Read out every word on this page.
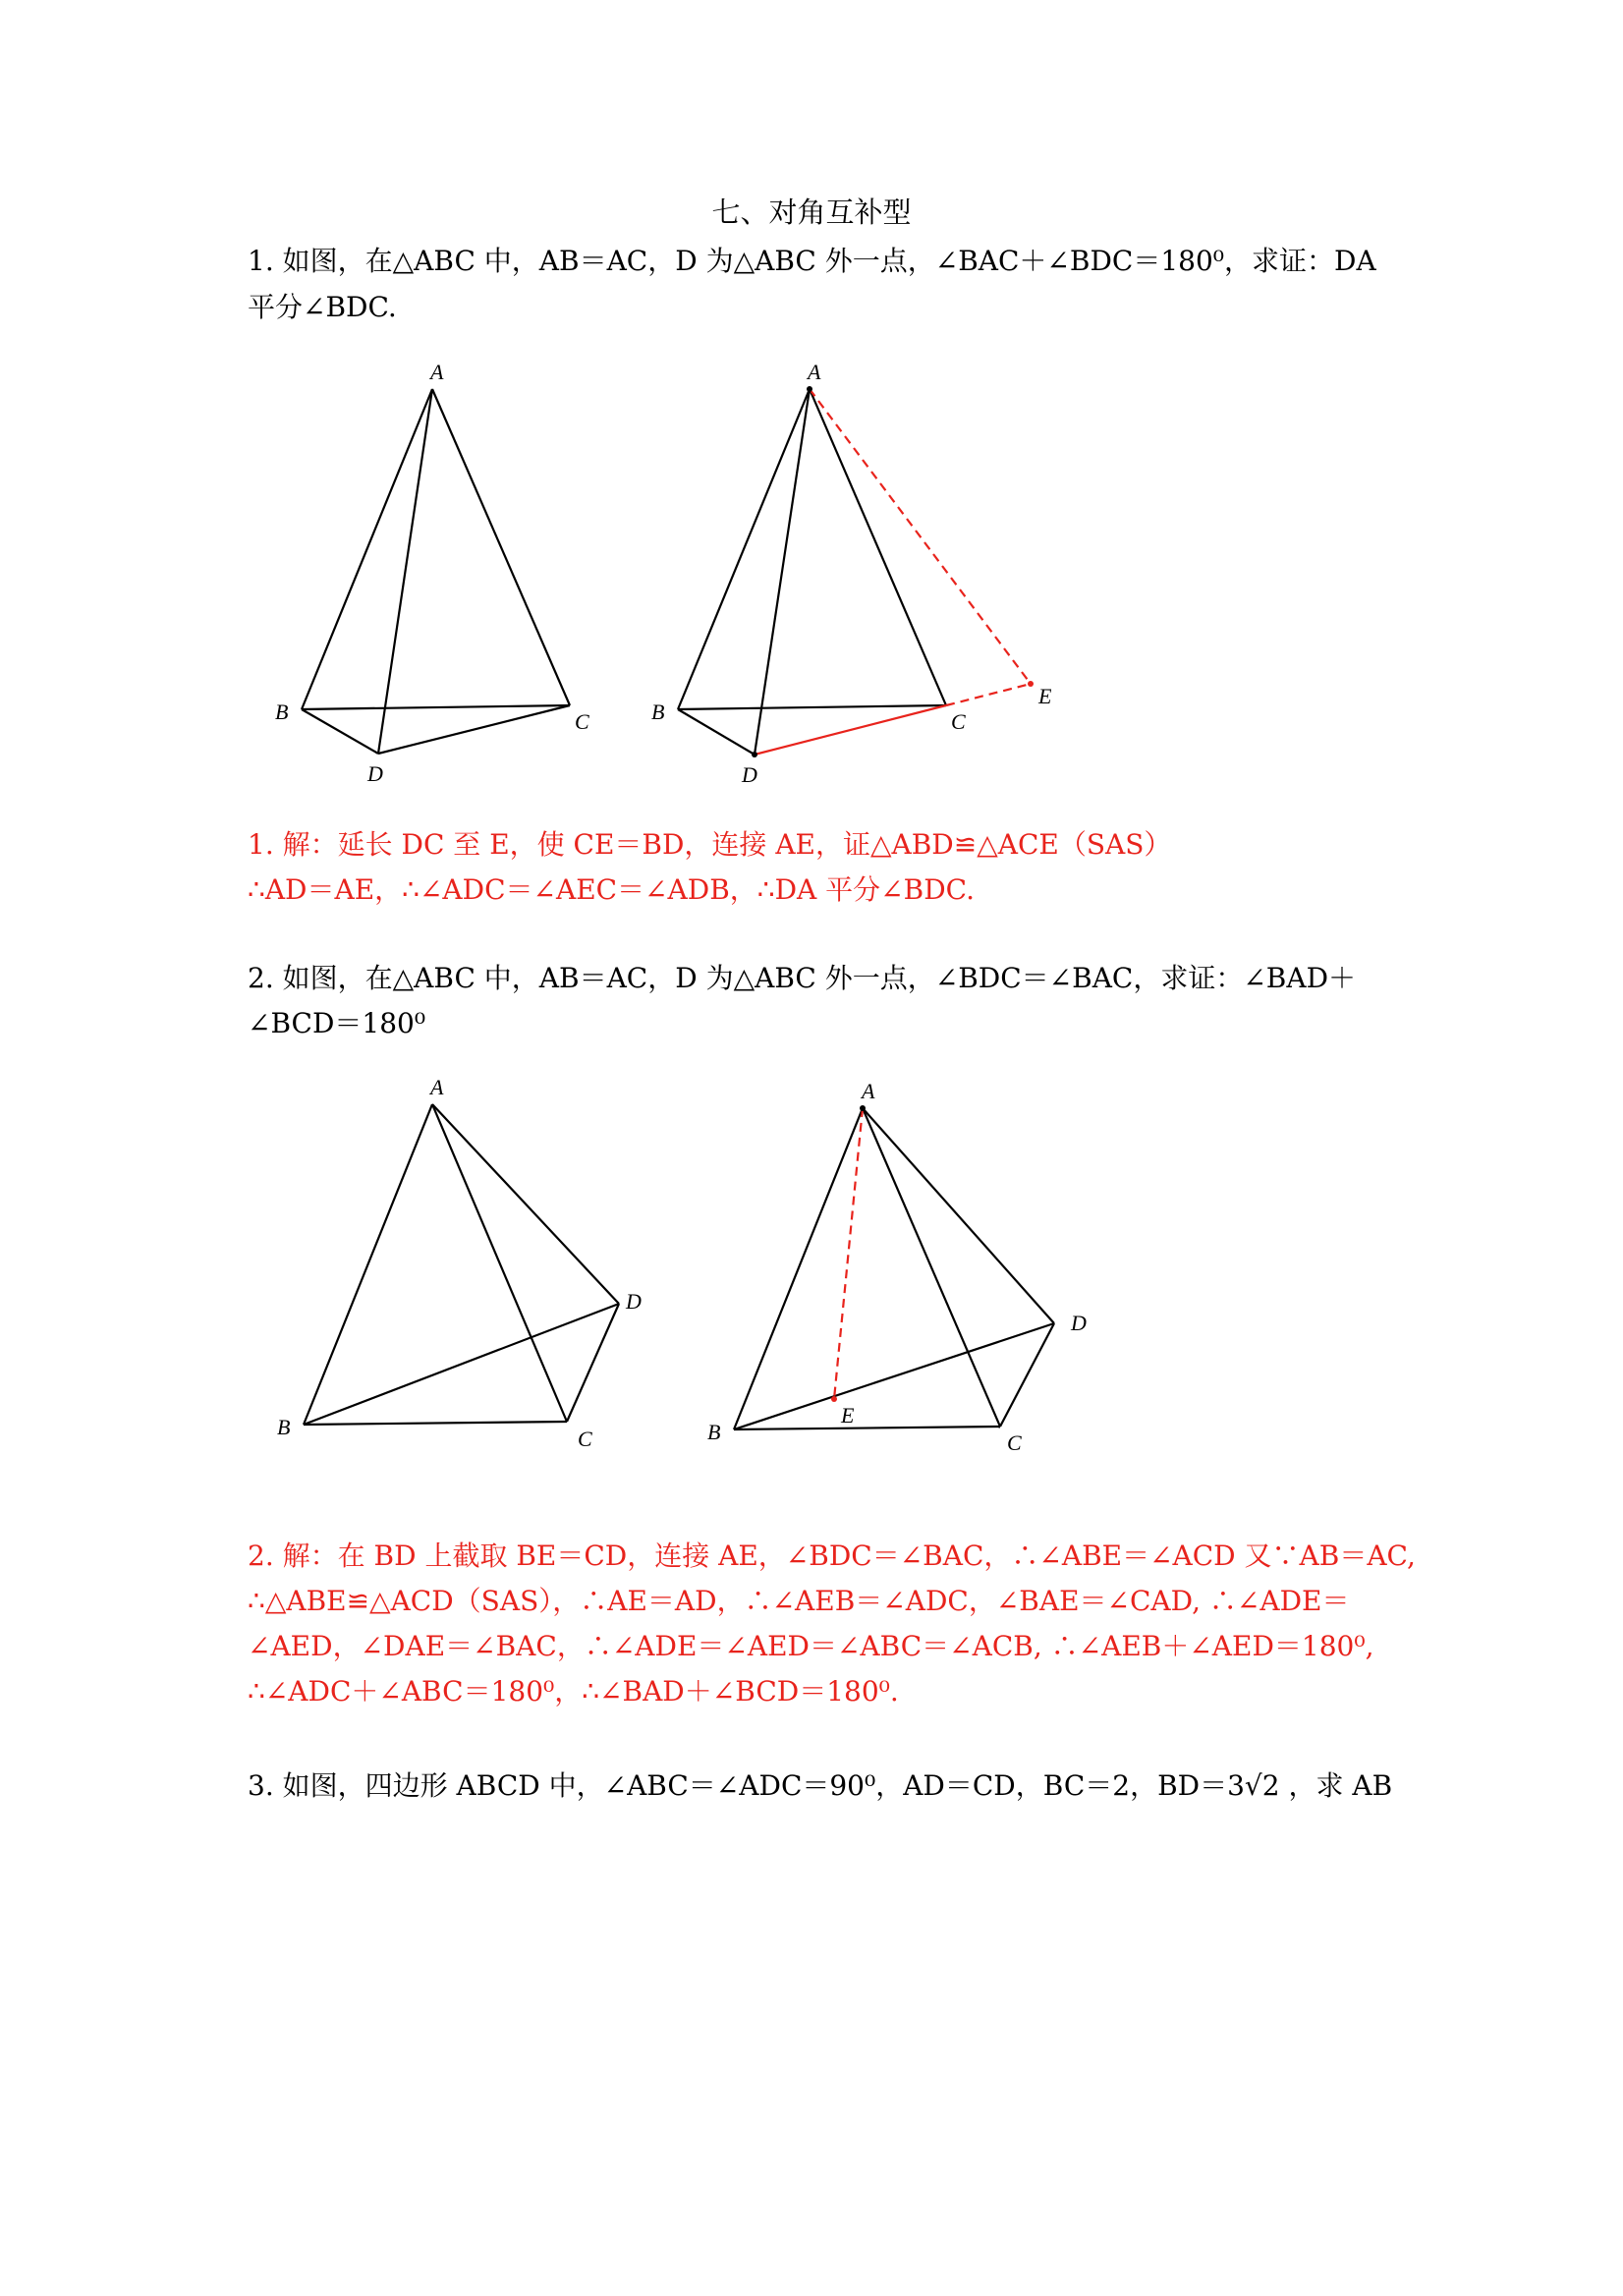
七、对角互补型

1. 如图，在△ABC 中，AB＝AC，D 为△ABC 外一点，∠BAC＋∠BDC＝180⁰，求证：DA

平分∠BDC.

A
B	C
D
A
B	C
D
E
A
B	C
D
A
B	C
D
E

1. 解：延长 DC 至 E，使 CE＝BD，连接 AE，证△ABD≌△ACE（SAS）

∴AD＝AE，∴∠ADC＝∠AEC＝∠ADB，∴DA 平分∠BDC.

2. 如图，在△ABC 中，AB＝AC，D 为△ABC 外一点，∠BDC＝∠BAC，求证：∠BAD＋

∠BCD＝180⁰

2. 解：在 BD 上截取 BE＝CD，连接 AE，∠BDC＝∠BAC，∴∠ABE＝∠ACD 又∵AB＝AC,

∴△ABE≌△ACD（SAS），∴AE＝AD，∴∠AEB＝∠ADC，∠BAE＝∠CAD, ∴∠ADE＝

∠AED，∠DAE＝∠BAC，∴∠ADE＝∠AED＝∠ABC＝∠ACB, ∴∠AEB＋∠AED＝180⁰,

∴∠ADC＋∠ABC＝180⁰，∴∠BAD＋∠BCD＝180⁰.

3. 如图，四边形 ABCD 中，∠ABC＝∠ADC＝90⁰，AD＝CD，BC＝2，BD＝3√2 ，求 AB
